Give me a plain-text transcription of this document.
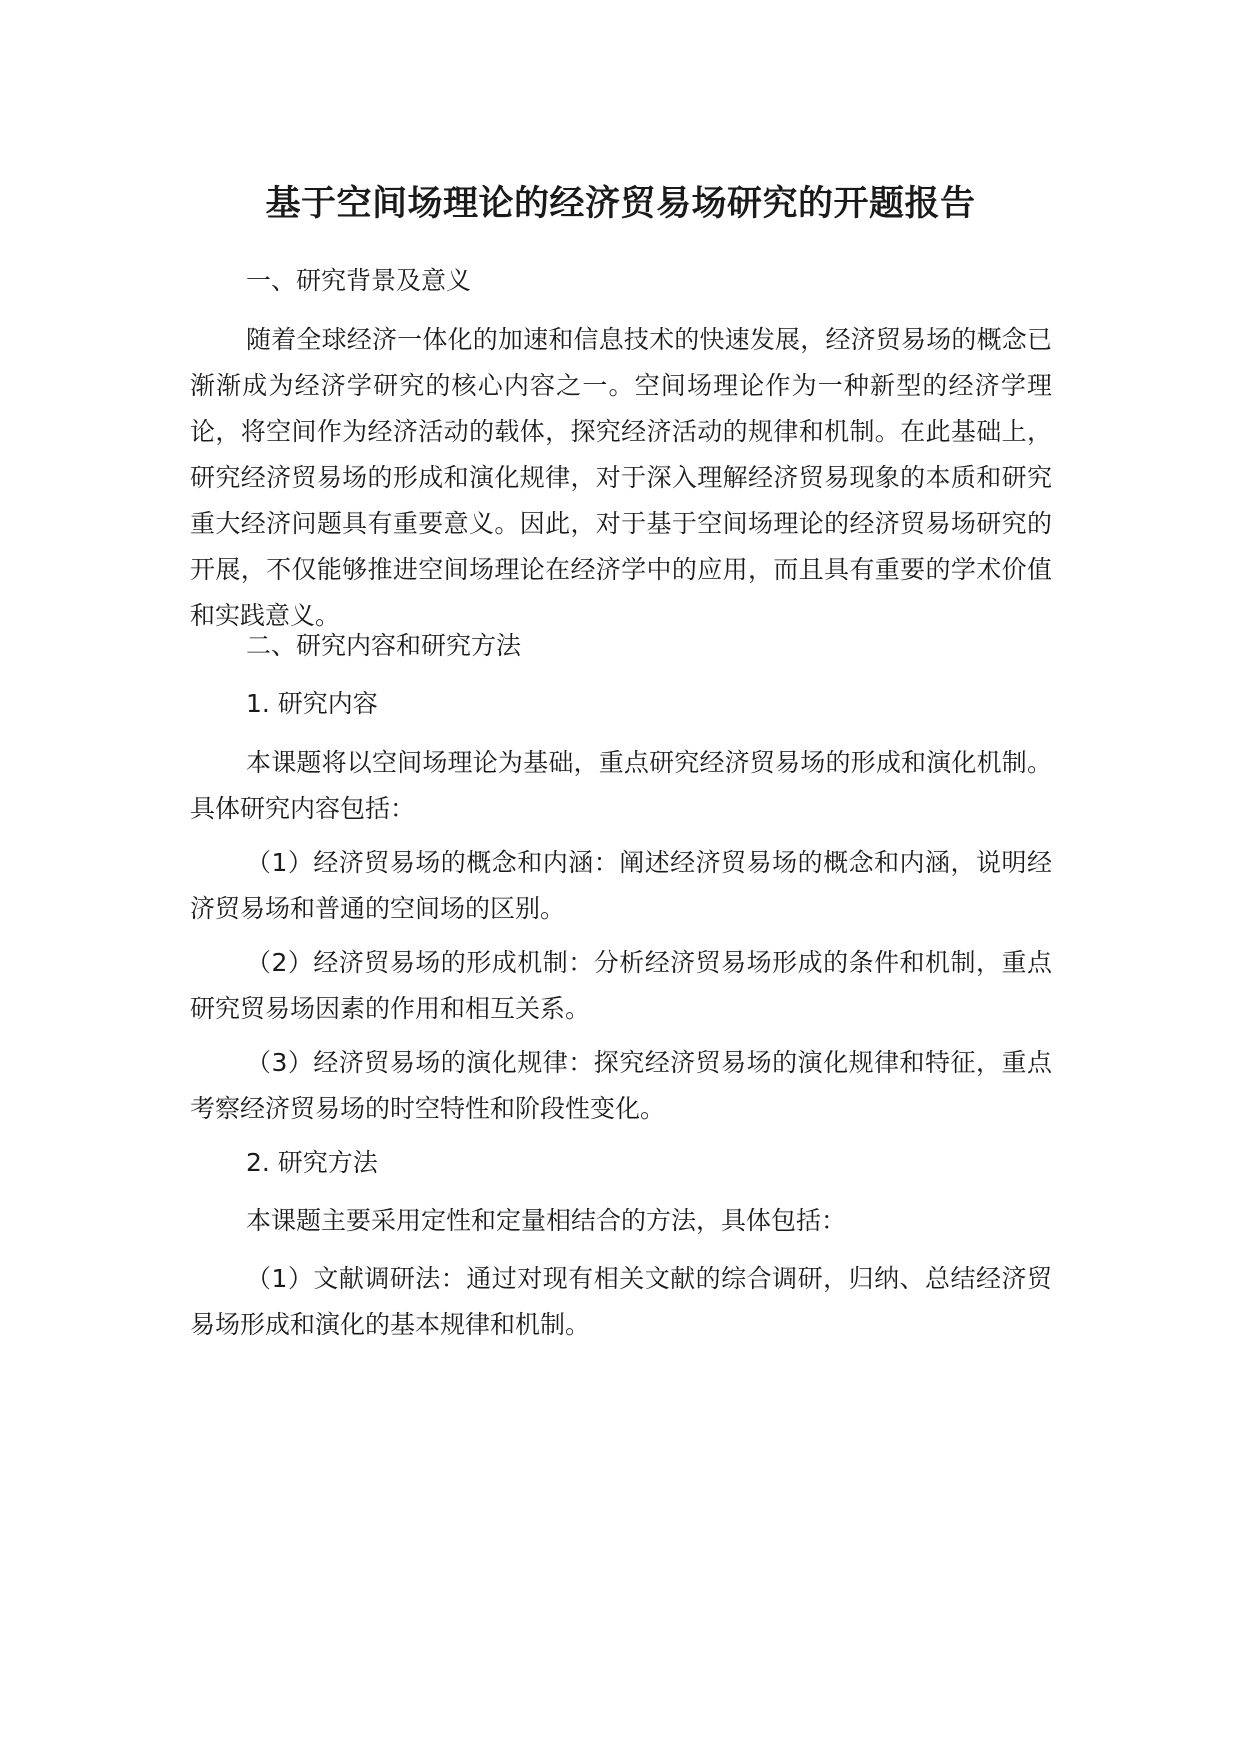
基于空间场理论的经济贸易场研究的开题报告
一、研究背景及意义
随着全球经济一体化的加速和信息技术的快速发展，经济贸易场的概念已渐渐成为经济学研究的核心内容之一。空间场理论作为一种新型的经济学理论，将空间作为经济活动的载体，探究经济活动的规律和机制。在此基础上，研究经济贸易场的形成和演化规律，对于深入理解经济贸易现象的本质和研究重大经济问题具有重要意义。因此，对于基于空间场理论的经济贸易场研究的开展，不仅能够推进空间场理论在经济学中的应用，而且具有重要的学术价值和实践意义。
二、研究内容和研究方法
1. 研究内容
本课题将以空间场理论为基础，重点研究经济贸易场的形成和演化机制。具体研究内容包括：
（1）经济贸易场的概念和内涵：阐述经济贸易场的概念和内涵，说明经济贸易场和普通的空间场的区别。
（2）经济贸易场的形成机制：分析经济贸易场形成的条件和机制，重点研究贸易场因素的作用和相互关系。
（3）经济贸易场的演化规律：探究经济贸易场的演化规律和特征，重点考察经济贸易场的时空特性和阶段性变化。
2. 研究方法
本课题主要采用定性和定量相结合的方法，具体包括：
（1）文献调研法：通过对现有相关文献的综合调研，归纳、总结经济贸易场形成和演化的基本规律和机制。
